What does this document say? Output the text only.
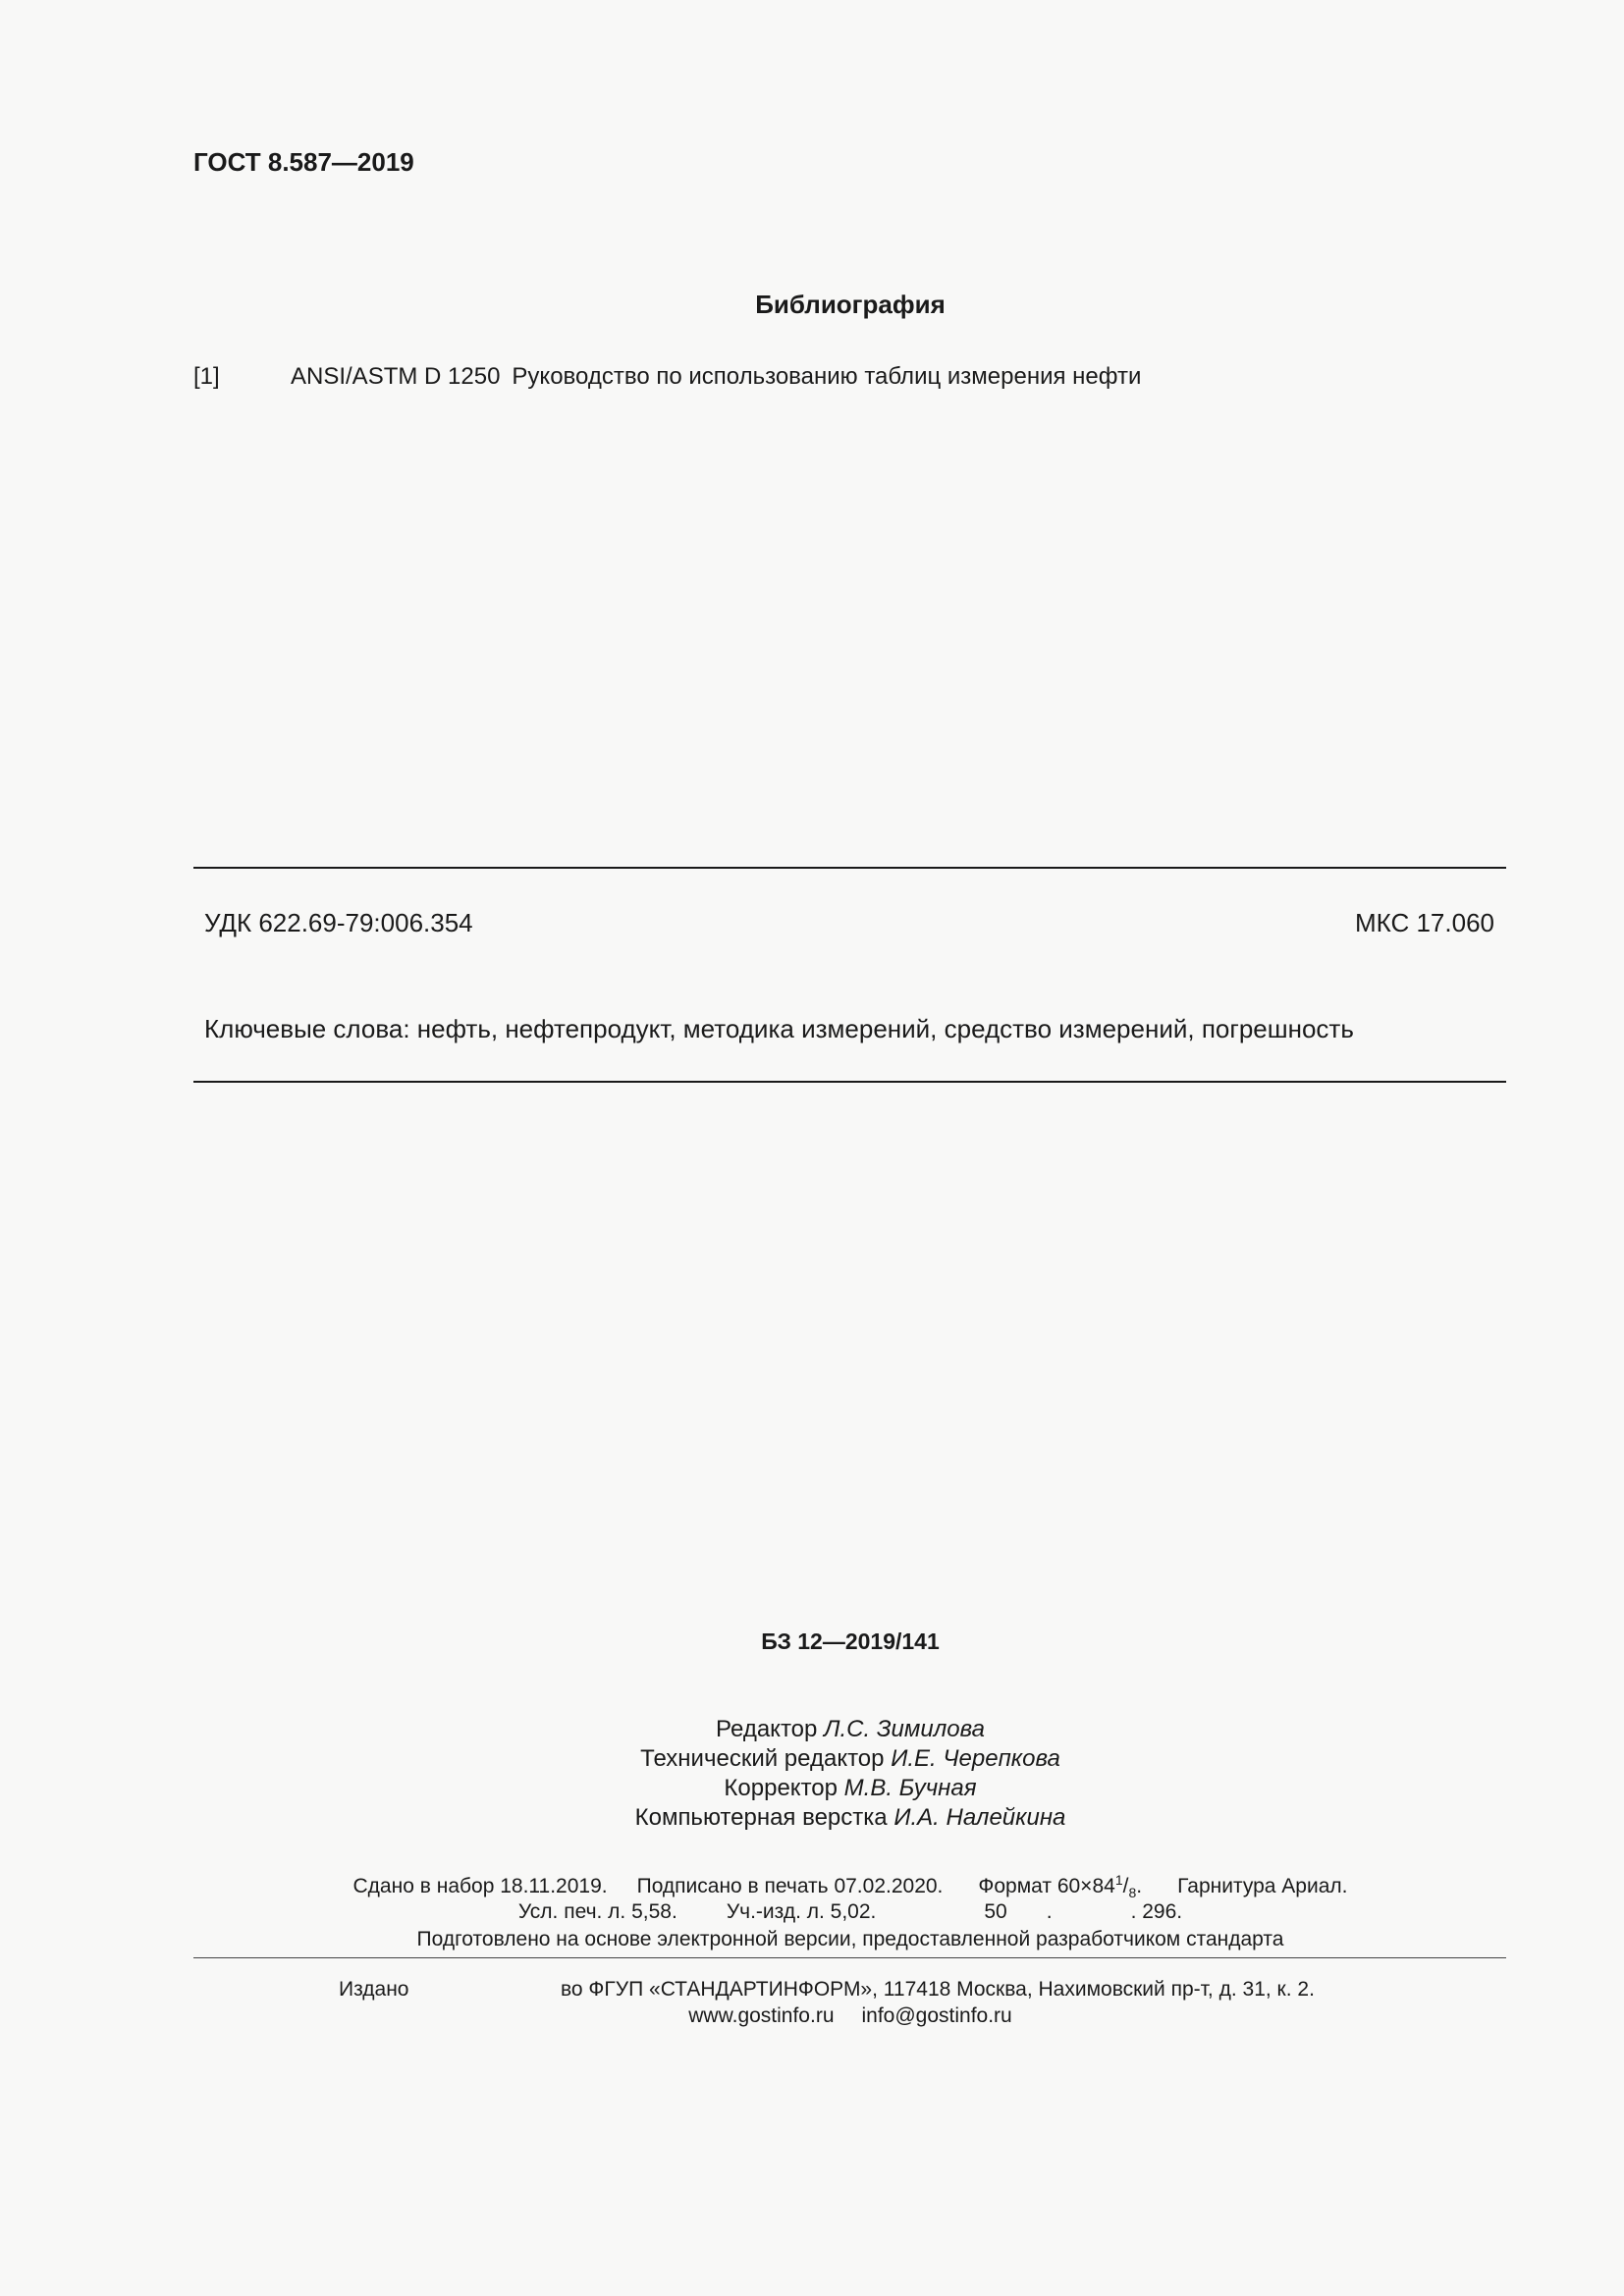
ГОСТ 8.587—2019
Библиография
[1]	ANSI/ASTM D 1250 Руководство по использованию таблиц измерения нефти
УДК 622.69-79:006.354	МКС 17.060
Ключевые слова: нефть, нефтепродукт, методика измерений, средство измерений, погрешность
БЗ 12—2019/141
Редактор Л.С. Зимилова
Технический редактор И.Е. Черепкова
Корректор М.В. Бучная
Компьютерная верстка И.А. Налейкина
Сдано в набор 18.11.2019. Подписано в печать 07.02.2020. Формат $60\times 84^1/_8$. Гарнитура Ариал.
Усл. печ. л. 5,58. Уч.-изд. л. 5,02.	50 .	. 296.
Подготовлено на основе электронной версии, предоставленной разработчиком стандарта
Издано	во ФГУП «СТАНДАРТИНФОРМ», 117418 Москва, Нахимовский пр-т, д. 31, к. 2.
www.gostinfo.ru info@gostinfo.ru
